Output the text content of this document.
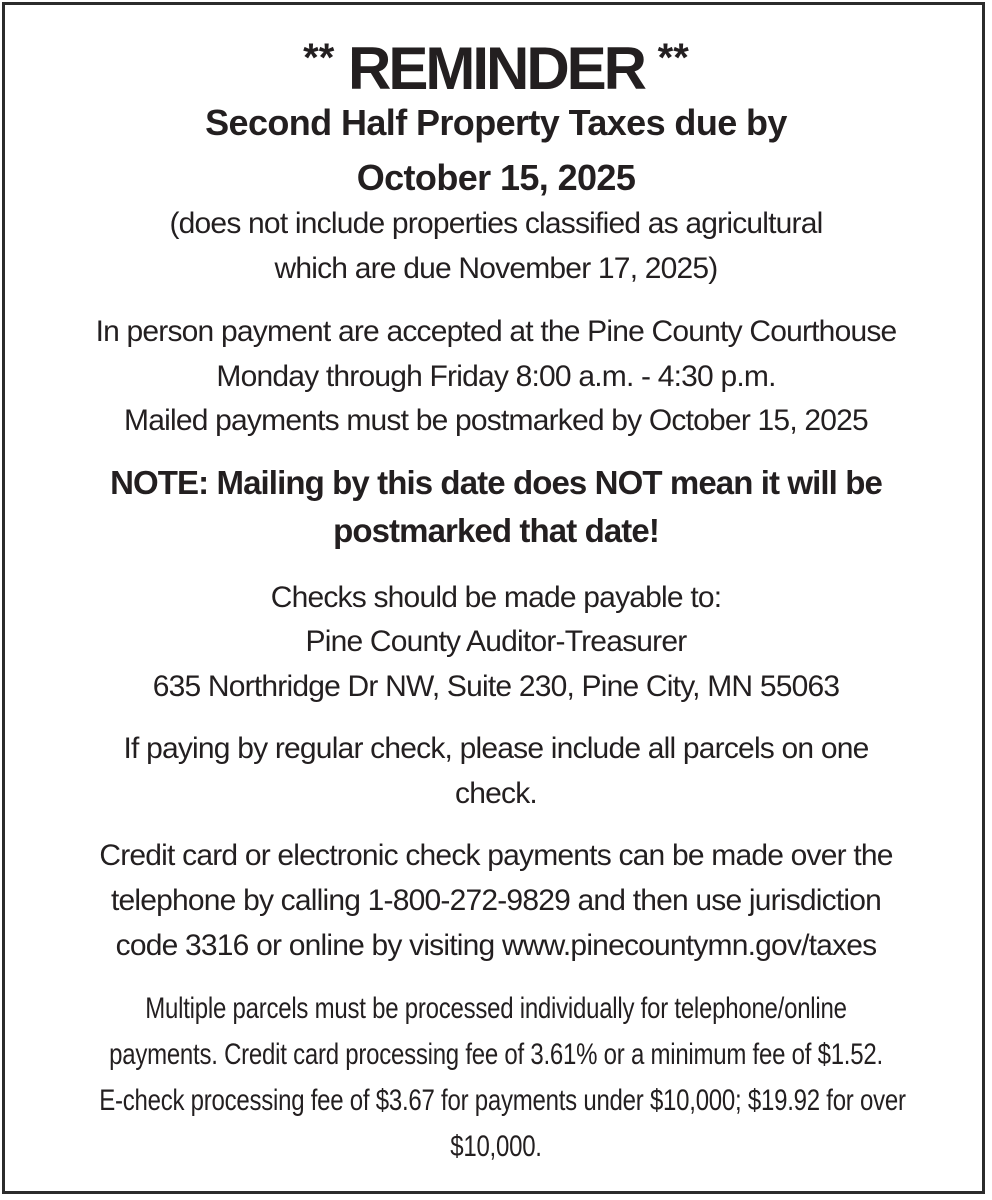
** REMINDER **
Second Half Property Taxes due by
October 15, 2025
(does not include properties classified as agricultural
which are due November 17, 2025)
In person payment are accepted at the Pine County Courthouse
Monday through Friday 8:00 a.m. - 4:30 p.m.
Mailed payments must be postmarked by October 15, 2025
NOTE: Mailing by this date does NOT mean it will be
postmarked that date!
Checks should be made payable to:
Pine County Auditor-Treasurer
635 Northridge Dr NW, Suite 230, Pine City, MN 55063
If paying by regular check, please include all parcels on one
check.
Credit card or electronic check payments can be made over the
telephone by calling 1-800-272-9829 and then use jurisdiction
code 3316 or online by visiting www.pinecountymn.gov/taxes
Multiple parcels must be processed individually for telephone/online
payments. Credit card processing fee of 3.61% or a minimum fee of $1.52.
E-check processing fee of $3.67 for payments under $10,000; $19.92 for over
$10,000.
